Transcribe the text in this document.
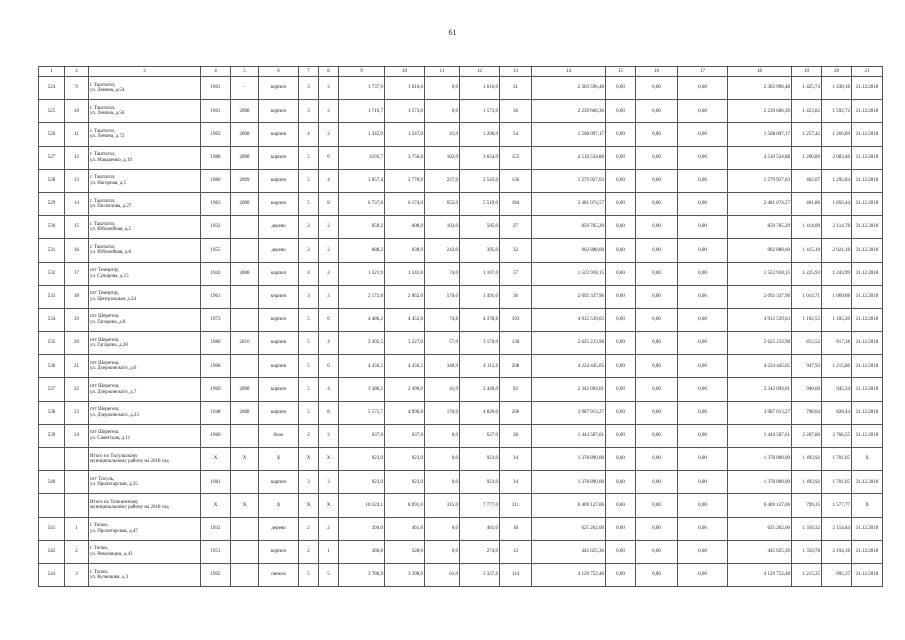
61
1	2	3	4	5	6	7	8	9	10	11	12	13	14	15	16	17	18	19	20	21
524	9	г. Таштагол,
ул. Ленина, д.54	1961	-	кирпич	3	3	1 737,9	1 616,0	0,0	1 616,0	31	2 303 596,48	0,00	0,00	0,00	2 303 996,48	1 425,74	1 438,18	31.12.2018
525	10	г. Таштагол,
ул. Ленина, д.56	1961	2008	кирпич	3	2	1 716,7	1 573,0	0,0	1 573,0	36	2 239 666,36	0,00	0,00	0,00	2 239 666,36	1 423,82	1 592,72	31.12.2018
526	11	г. Таштагол,
ул. Ленина, д.72	1963	2008	кирпич	4	2	1 342,9	1 247,0	41,0	1 206,0	54	1 568 097,17	0,00	0,00	0,00	1 568 097,17	1 257,42	1 266,89	31.12.2018
527	12	г. Таштагол,
ул. Макаренко, д.19	1988	2008	кирпич	5	6	4193,7	3 756,0	102,0	3 654,0	155	4 510 534,88	0,00	0,00	0,00	4 510 534,88	1 200,89	2 083,46	31.12.2018
528	13	г. Таштагол,
ул. Нагорная, д.5	1980	2009	кирпич	5	4	3 057,4	2 770,0	227,0	2 543,0	136	1 279 927,03	0,00	0,00	0,00	1 279 927,03	462,07	1 292,84	31.12.2018
529	14	г. Таштагол,
ул. Поспелова, д.27	1983	2008	кирпич	5	8	6 737,8	6 174,0	655,0	5 519,0	184	2 481 074,57	0,00	0,00	0,00	2 481 074,57	401,86	1 856,44	31.12.2018
530	15	г. Таштагол,
ул. Юбилейная, д.5	1932		дерево	2	2	659,2	608,0	103,0	505,0	27	859 765,20	0,00	0,00	0,00	859 765,20	1 414,09	2 114,78	31.12.2018
531	16	г. Таштагол,
ул. Юбилейная, д.8	1955		дерево	2	2	688,2	638,0	243,0	395,0	32	902 888,60	0,00	0,00	0,00	902 888,60	1 415,19	2 021,18	31.12.2018
532	17	пгт Темиртау,
ул. Суворова, д.15	1943	2008	кирпич	4	2	1 321,9	1 241,0	74,0	1 167,0	57	1 523 918,15	0,00	0,00	0,00	1 523 918,15	1 225,93	1 243,99	31.12.2018
533	18	пгт Темиртау,
ул. Центральная, д.24	1961		кирпич	3	3	2 172,8	2 062,0	570,0	1 491,0	36	2 092 337,96	0,00	0,00	0,00	2 092 337,96	1 014,71	1 069,08	31.12.2018
534	19	пгт Шерегеш,
ул. Гагарина, д.8	1973		кирпич	5	6	4 486,2	4 453,6	74,8	4 378,8	193	4 912 539,63	0,00	0,00	0,00	4 912 539,63	1 102,53	1 105,20	31.12.2018
535	20	пгт Шерегеш,
ул. Гагарина, д.20	1980	2016	кирпич	5	4	3 492,5	3 227,0	57,0	3 170,0	130	2 625 233,98	0,00	0,00	0,00	2 625 233,98	813,52	917,18	31.12.2018
536	21	пгт Шерегеш,
ул. Дзержинского, д.6	1968		кирпич	5	6	4 456,5	4 456,5	340,9	4 115,6	208	4 224 445,05	0,00	0,00	0,00	4 224 445,05	947,93	1 215,86	31.12.2018
537	22	пгт Шерегеш,
ул. Дзержинского, д.7	1969	2008	кирпич	5	4	3 386,2	2 490,0	41,0	2 449,0	93	2 342 094,01	0,00	0,00	0,00	2 342 094,01	940,60	945,34	31.12.2018
538	23	пгт Шерегеш,
ул. Дзержинского, д.23	1948	2008	кирпич	5	8	5 571,7	4 996,0	176,0	4 820,0	206	3 987 013,27	0,00	0,00	0,00	3 987 013,27	798,04	828,44	31.12.2018
539	24	пгт Шерегеш,
ул. Советская, д.11	1960		блок	2	2	637,0	637,0	0,0	637,0	28	1 444 587,61	0,00	0,00	0,00	1 444 587,61	2 267,80	2 766,55	31.12.2018

		Итого по Тисульскому
муниципальному району на 2018 год	X	X	X	X	X	923,0	923,0	0,0	923,0	34	1 378 890,00	0,00	0,00	0,00	1 378 890,00	1 493,92	1 701,05	X
540		пгт Тисуль,
ул. Пролетарская, д.35	1981		кирпич	3	3	923,0	923,0	0,0	923,0	34	1 378 890,00	0,00	0,00	0,00	1 378 890,00	1 493,92	1 701,05	31.12.2018

		Итого по Топкинскому
муниципальному району на 2018 год	X	X	X	X	X	10 324,1	8 091,0	315,0	7 777,0	311	6 469 127,06	0,00	0,00	0,00	6 469 127,06	799,35	1 577,77	X
541	1	г. Топки,
ул. Пролетарская, д.47	1932		дерево	2	2	394,0	461,0	0,0	461,0	18	625 262,00	0,00	0,00	0,00	625 262,00	1 356,32	2 154,84	31.12.2018
542	2	г. Топки,
ул. Революции, д.43	1951		кирпич	2	1	360,8	328,0	0,0	274,0	12	445 025,36	0,00	0,00	0,00	445 025,36	1 356,78	2 194,18	31.12.2018
543	3	г. Топки,
ул. Кузнецова, д.3	1992		панель	5	5	3 786,9	3 398,0	61,0	3 337,6	114	4 129 752,48	0,00	0,00	0,00	4 129 752,48	1 215,35	995,37	31.12.2018
